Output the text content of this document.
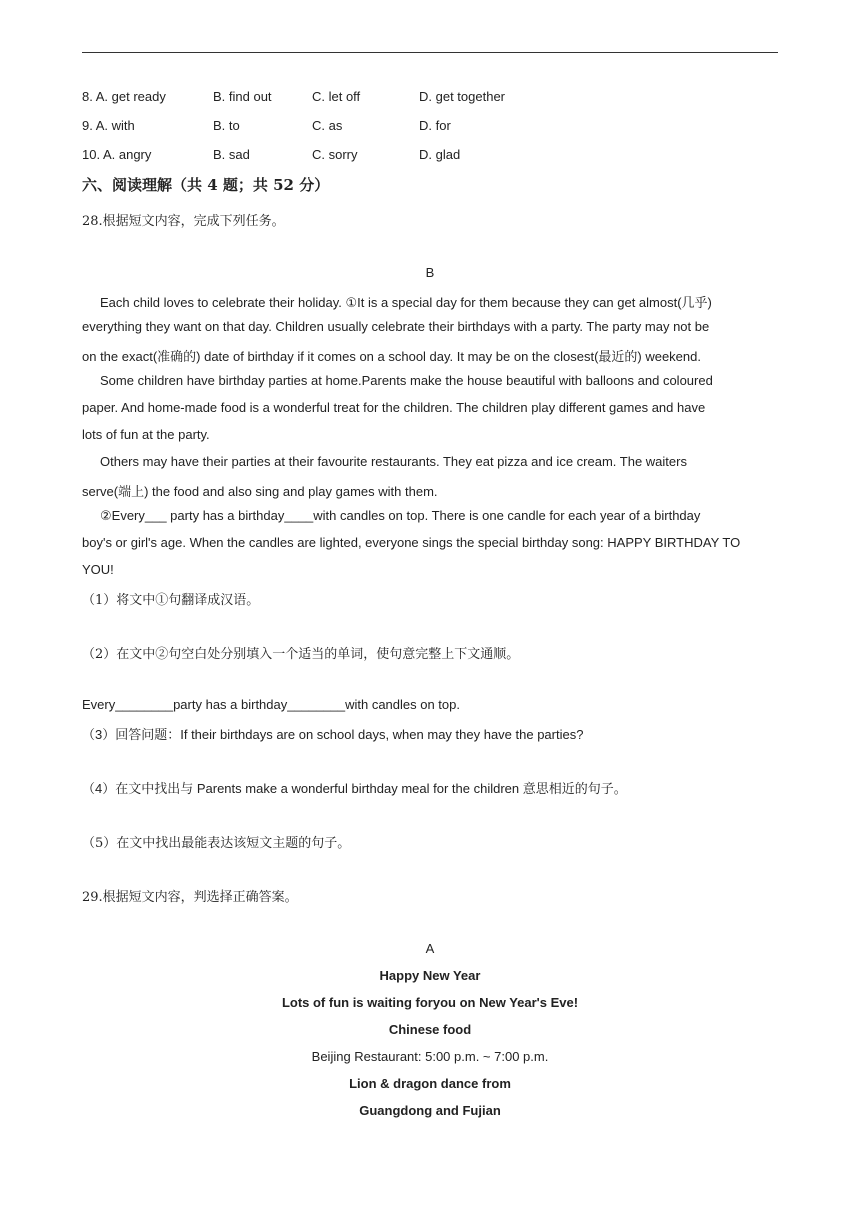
8. A. get ready	B. find out	C. let off	D. get together
9. A. with	B. to	C. as	D. for
10. A. angry	B. sad	C. sorry	D. glad
六、阅读理解（共 4 题；共 52 分）
28.根据短文内容，完成下列任务。
B
Each child loves to celebrate their holiday. ①It is a special day for them because they can get almost(几乎)
everything they want on that day. Children usually celebrate their birthdays with a party. The party may not be
on the exact(准确的) date of birthday if it comes on a school day. It may be on the closest(最近的) weekend.
Some children have birthday parties at home.Parents make the house beautiful with balloons and coloured
paper. And home-made food is a wonderful treat for the children. The children play different games and have
lots of fun at the party.
Others may have their parties at their favourite restaurants. They eat pizza and ice cream. The waiters
serve(端上) the food and also sing and play games with them.
②Every___ party has a birthday____with candles on top. There is one candle for each year of a birthday
boy's or girl's age. When the candles are lighted, everyone sings the special birthday song: HAPPY BIRTHDAY TO
YOU!
（1）将文中①句翻译成汉语。
（2）在文中②句空白处分别填入一个适当的单词，使句意完整上下文通顺。
Every________party has a birthday________with candles on top.
（3）回答问题：If their birthdays are on school days, when may they have the parties?
（4）在文中找出与 Parents make a wonderful birthday meal for the children 意思相近的句子。
（5）在文中找出最能表达该短文主题的句子。
29.根据短文内容，判选择正确答案。
A
Happy New Year
Lots of fun is waiting foryou on New Year's Eve!
Chinese food
Beijing Restaurant: 5:00 p.m. ~ 7:00 p.m.
Lion & dragon dance from
Guangdong and Fujian
